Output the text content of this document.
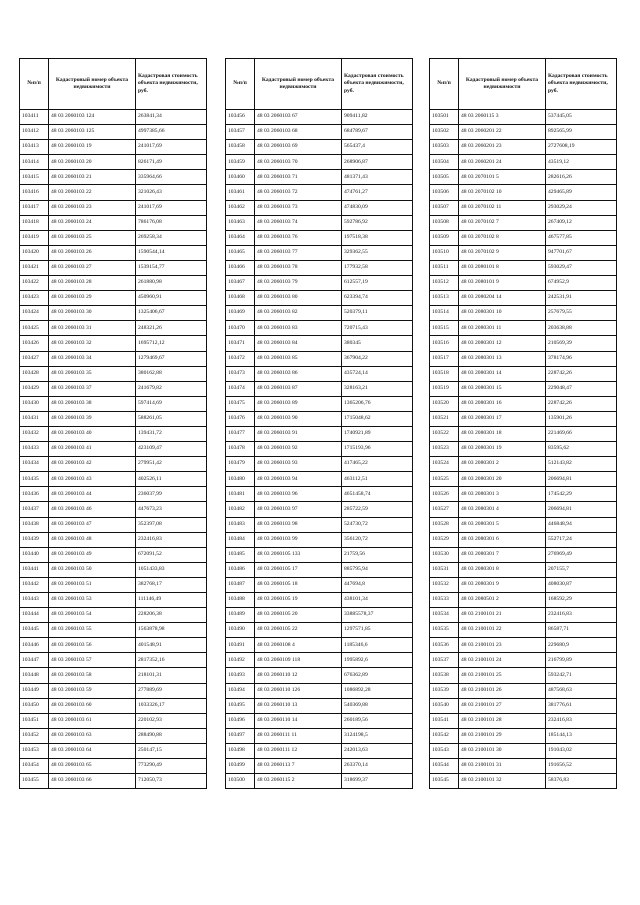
№п/п	Кадастровый номер объекта недвижимости	Кадастровая стоимость объекта недвижимости, руб.
103411	48 03 2060103 124	263841,34
103412	48 03 2060103 125	4997385,66
103413	48 03 2060103 19	241017,69
103414	48 03 2060103 20	826171,49
103415	48 03 2060103 21	335964,66
103416	48 03 2060103 22	321026,43
103417	48 03 2060103 23	241017,69
103418	48 03 2060103 24	786176,08
103419	48 03 2060103 25	269258,34
103420	48 03 2060103 26	1590544,14
103421	48 03 2060103 27	1539154,77
103422	48 03 2060103 28	261880,98
103423	48 03 2060103 29	450960,91
103424	48 03 2060103 30	1325406,67
103425	48 03 2060103 31	248321,26
103426	48 03 2060103 32	1695712,12
103427	48 03 2060103 34	1279469,67
103428	48 03 2060103 35	380162,88
103429	48 03 2060103 37	241679,82
103430	48 03 2060103 38	597414,69
103431	48 03 2060103 39	588261,05
103432	48 03 2060103 40	139431,72
103433	48 03 2060103 41	423109,47
103434	48 03 2060103 42	279951,42
103435	48 03 2060103 43	402526,11
103436	48 03 2060103 44	236037,99
103437	48 03 2060103 46	447673,23
103438	48 03 2060103 47	352397,08
103439	48 03 2060103 48	232416,83
103440	48 03 2060103 49	672091,52
103441	48 03 2060103 50	1051433,83
103442	48 03 2060103 51	382768,17
103443	48 03 2060103 53	111146,49
103444	48 03 2060103 54	228206,38
103445	48 03 2060103 55	1563878,98
103446	48 03 2060103 56	401548,91
103447	48 03 2060103 57	2817352,16
103448	48 03 2060103 58	218101,31
103449	48 03 2060103 59	277889,69
103450	48 03 2060103 60	1033326,17
103451	48 03 2060103 61	220102,93
103452	48 03 2060103 63	288490,88
103453	48 03 2060103 64	250147,15
103454	48 03 2060103 65	773290,49
103455	48 03 2060103 66	712050,73
№п/п	Кадастровый номер объекта недвижимости	Кадастровая стоимость объекта недвижимости, руб.
103456	48 03 2060103 67	909411,82
103457	48 03 2060103 68	684789,67
103458	48 03 2060103 69	565437,4
103459	48 03 2060103 70	268906,87
103460	48 03 2060103 71	481371,43
103461	48 03 2060103 72	474761,27
103462	48 03 2060103 73	474830,09
103463	48 03 2060103 74	592786,92
103464	48 03 2060103 76	197518,38
103465	48 03 2060103 77	329362,55
103466	48 03 2060103 78	177932,58
103467	48 03 2060103 79	612557,19
103468	48 03 2060103 80	623394,74
103469	48 03 2060103 82	520379,11
103470	48 03 2060103 83	720715,43
103471	48 03 2060103 84	380345
103472	48 03 2060103 85	367904,22
103473	48 03 2060103 86	435724,14
103474	48 03 2060103 87	328163,21
103475	48 03 2060103 89	1365206,76
103476	48 03 2060103 90	1715048,62
103477	48 03 2060103 91	1740921,89
103478	48 03 2060103 92	1715193,96
103479	48 03 2060103 93	417465,22
103480	48 03 2060103 94	463112,51
103481	48 03 2060103 96	4651458,74
103482	48 03 2060103 97	285722,59
103483	48 03 2060103 98	524730,72
103484	48 03 2060103 99	356120,72
103485	48 03 2060105 133	21759,56
103486	48 03 2060105 17	885795,94
103487	48 03 2060105 18	447694,8
103488	48 03 2060105 19	438101,34
103489	48 03 2060105 20	33885578,37
103490	48 03 2060105 22	1297571,85
103491	48 03 2060108 4	1185346,6
103492	48 03 2060109 118	1995892,6
103493	48 03 2060110 12	676362,89
103494	48 03 2060110 126	1086892,28
103495	48 03 2060110 13	540369,88
103496	48 03 2060110 14	260189,56
103497	48 03 2060111 11	3124198,5
103498	48 03 2060111 12	242013,63
103499	48 03 2060113 7	263370,14
103500	48 03 2060115 2	318699,37
№п/п	Кадастровый номер объекта недвижимости	Кадастровая стоимость объекта недвижимости, руб.
103501	48 03 2060115 3	537445,05
103502	48 03 2060201 22	892565,99
103503	48 03 2060201 23	2727608,19
103504	48 03 2060201 24	43519,12
103505	48 03 2070101 5	282616,26
103506	48 03 2070102 10	429465,89
103507	48 03 2070102 11	293029,24
103508	48 03 2070102 7	267409,12
103509	48 03 2070102 8	467577,85
103510	48 03 2070102 9	947701,67
103511	48 03 2080101 8	593029,47
103512	48 03 2080101 9	674952,9
103513	48 03 2080204 14	242531,91
103514	48 03 2080301 10	257679,55
103515	48 03 2080301 11	203638,88
103516	48 03 2080301 12	210569,39
103517	48 03 2080301 13	378174,96
103518	48 03 2080301 14	228742,26
103519	48 03 2080301 15	229048,47
103520	48 03 2080301 16	228742,26
103521	48 03 2080301 17	135901,26
103522	48 03 2080301 18	221469,66
103523	48 03 2080301 19	83595,62
103524	48 03 2080301 2	512143,82
103525	48 03 2080301 20	206694,81
103526	48 03 2080301 3	174542,29
103527	48 03 2080301 4	206694,81
103528	48 03 2080301 5	446848,94
103529	48 03 2080301 6	552717,24
103530	48 03 2080301 7	276969,49
103531	48 03 2080301 8	207155,7
103532	48 03 2080301 9	408030,87
103533	48 03 2080501 2	168592,29
103534	48 03 2100101 21	232416,83
103535	48 03 2100101 22	86587,71
103536	48 03 2100101 23	229680,9
103537	48 03 2100101 24	216799,89
103538	48 03 2100101 25	593242,71
103539	48 03 2100101 26	487568,63
103540	48 03 2100101 27	381776,61
103541	48 03 2100101 28	232416,83
103542	48 03 2100101 29	185144,13
103543	48 03 2100101 30	191043,02
103544	48 03 2100101 31	191656,52
103545	48 03 2100101 32	58376,83
